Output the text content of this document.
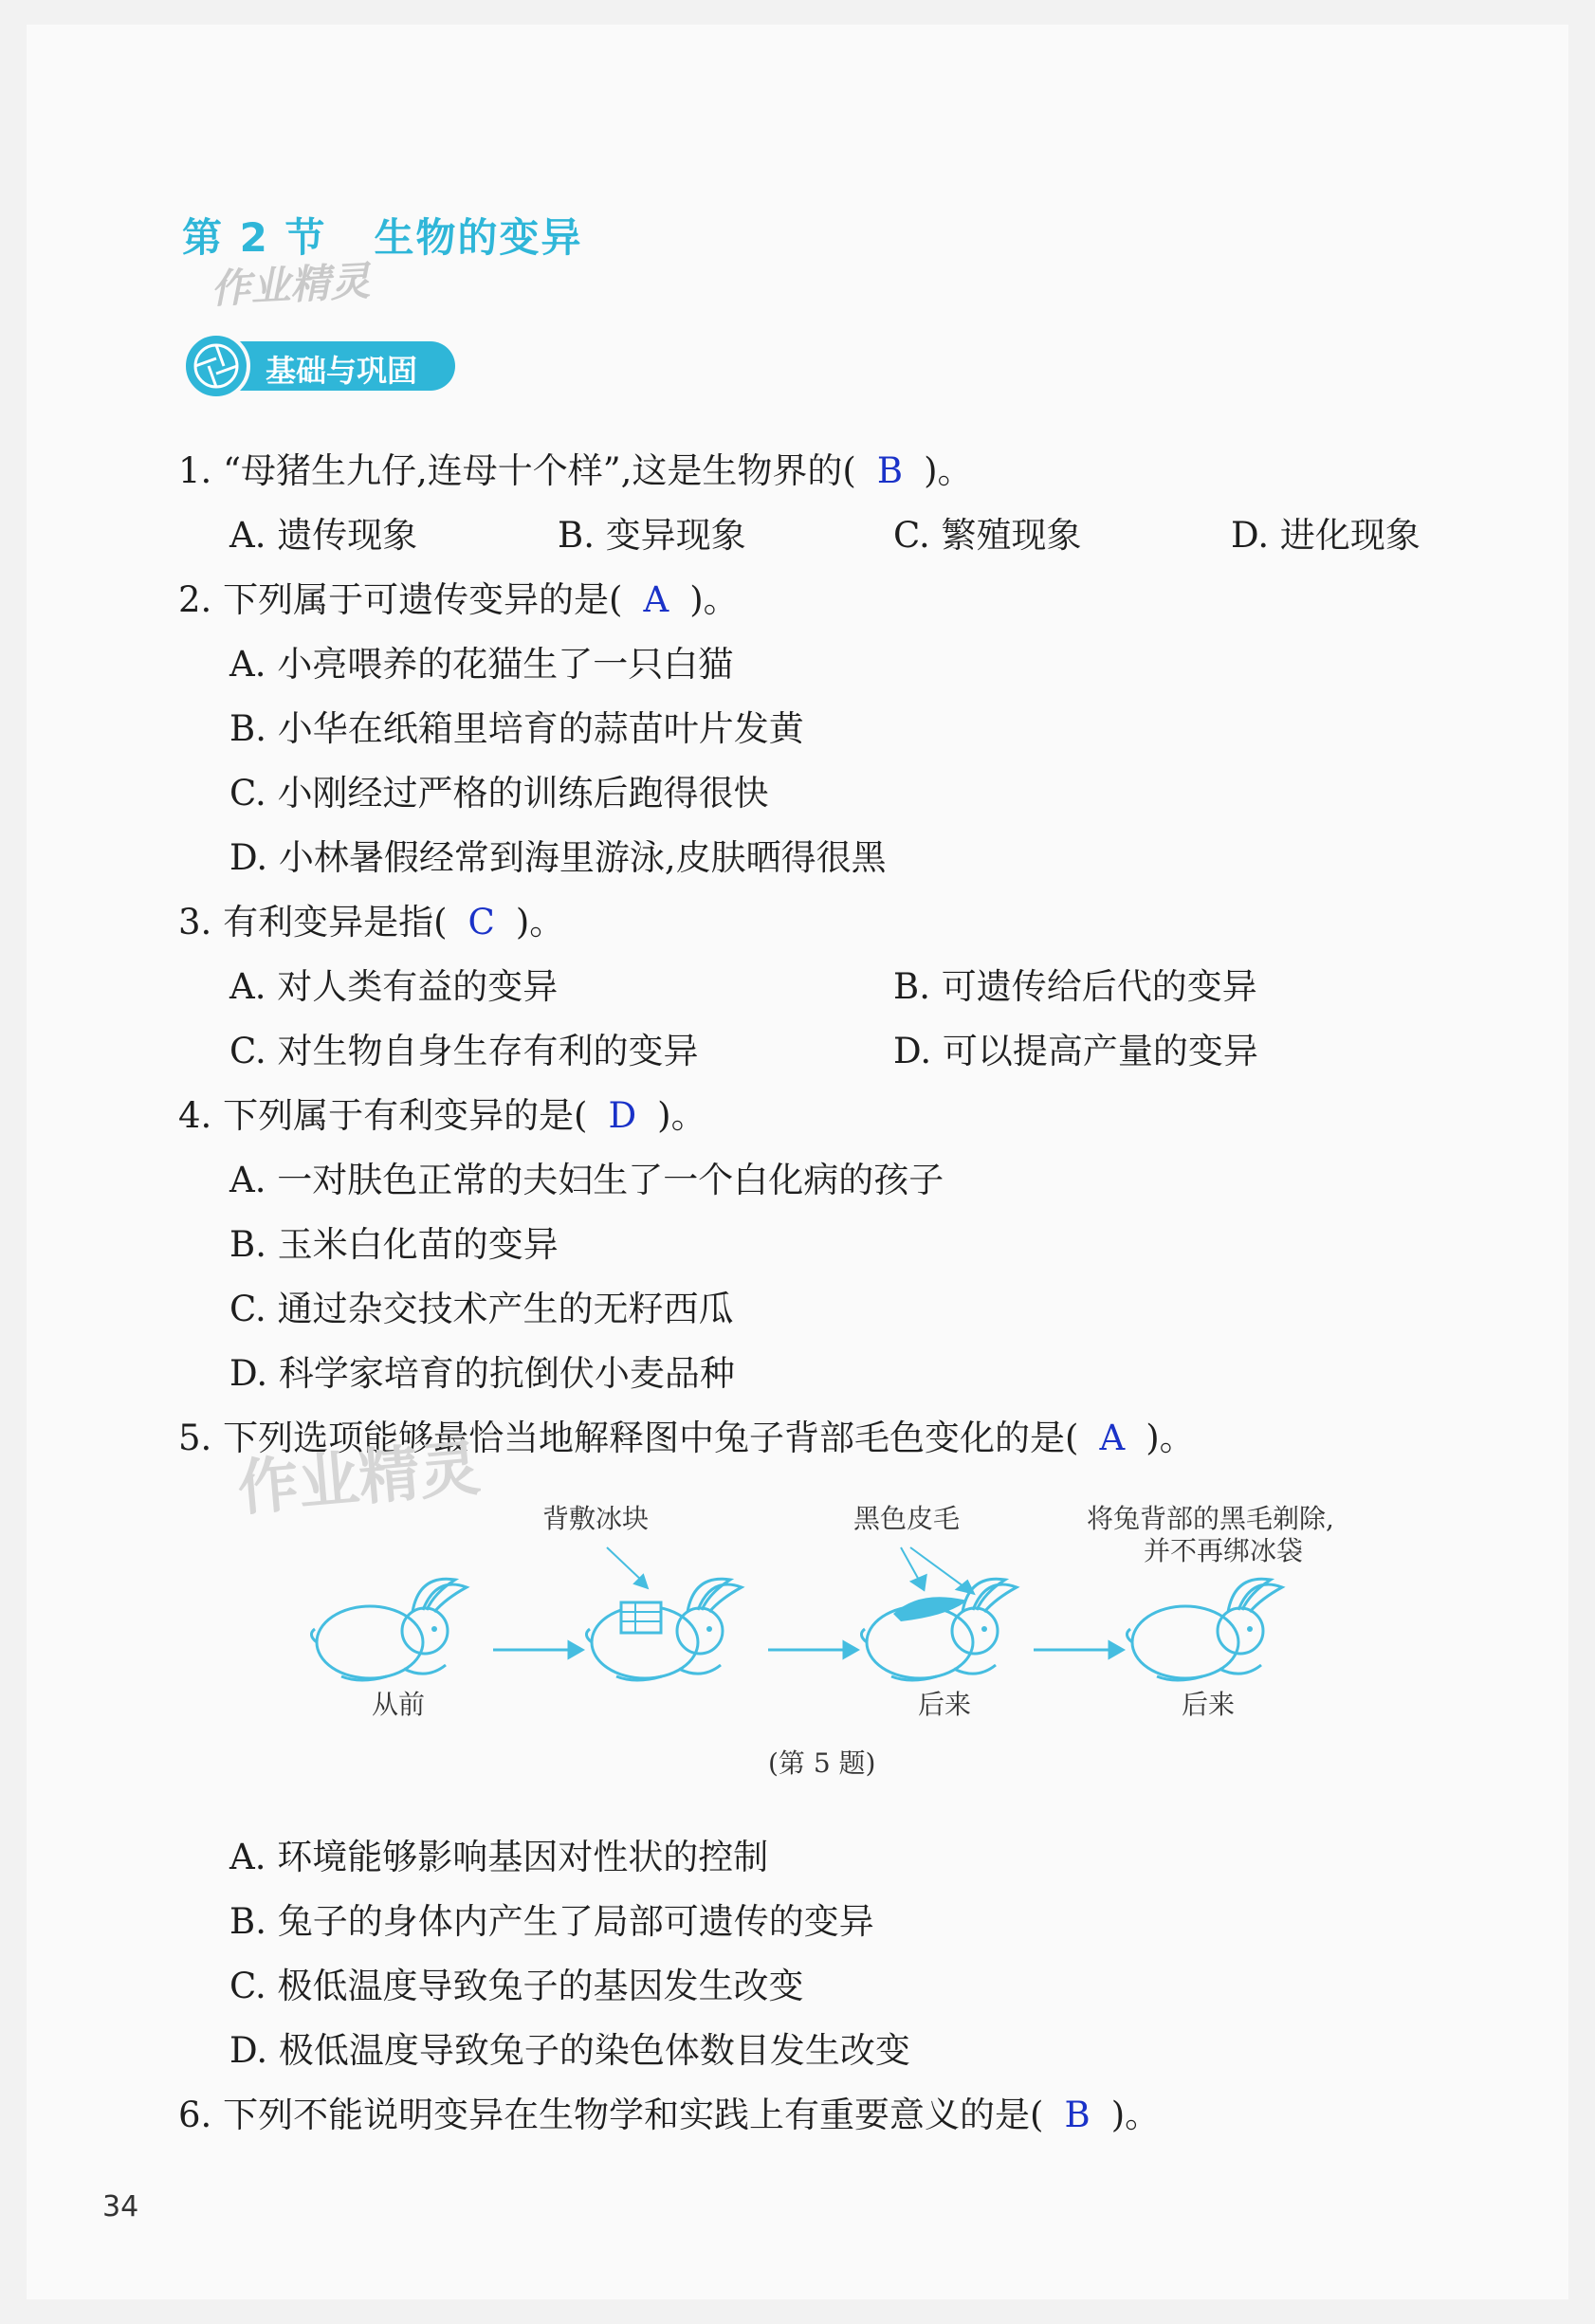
第 2 节 生物的变异
作业精灵
基础与巩固
1. “母猪生九仔,连母十个样”,这是生物界的( B )。
A. 遗传现象	B. 变异现象	C. 繁殖现象	D. 进化现象
2. 下列属于可遗传变异的是( A )。
A. 小亮喂养的花猫生了一只白猫
B. 小华在纸箱里培育的蒜苗叶片发黄
C. 小刚经过严格的训练后跑得很快
D. 小林暑假经常到海里游泳,皮肤晒得很黑
3. 有利变异是指( C )。
A. 对人类有益的变异	B. 可遗传给后代的变异
C. 对生物自身生存有利的变异	D. 可以提高产量的变异
4. 下列属于有利变异的是( D )。
A. 一对肤色正常的夫妇生了一个白化病的孩子
B. 玉米白化苗的变异
C. 通过杂交技术产生的无籽西瓜
D. 科学家培育的抗倒伏小麦品种
5. 下列选项能够最恰当地解释图中兔子背部毛色变化的是( A )。
作业精灵 背敷冰块	黑色皮毛	将兔背部的黑毛剃除,
并不再绑冰袋
从前	后来	后来
(第 5 题)
A. 环境能够影响基因对性状的控制
B. 兔子的身体内产生了局部可遗传的变异
C. 极低温度导致兔子的基因发生改变
D. 极低温度导致兔子的染色体数目发生改变
6. 下列不能说明变异在生物学和实践上有重要意义的是( B )。
34
